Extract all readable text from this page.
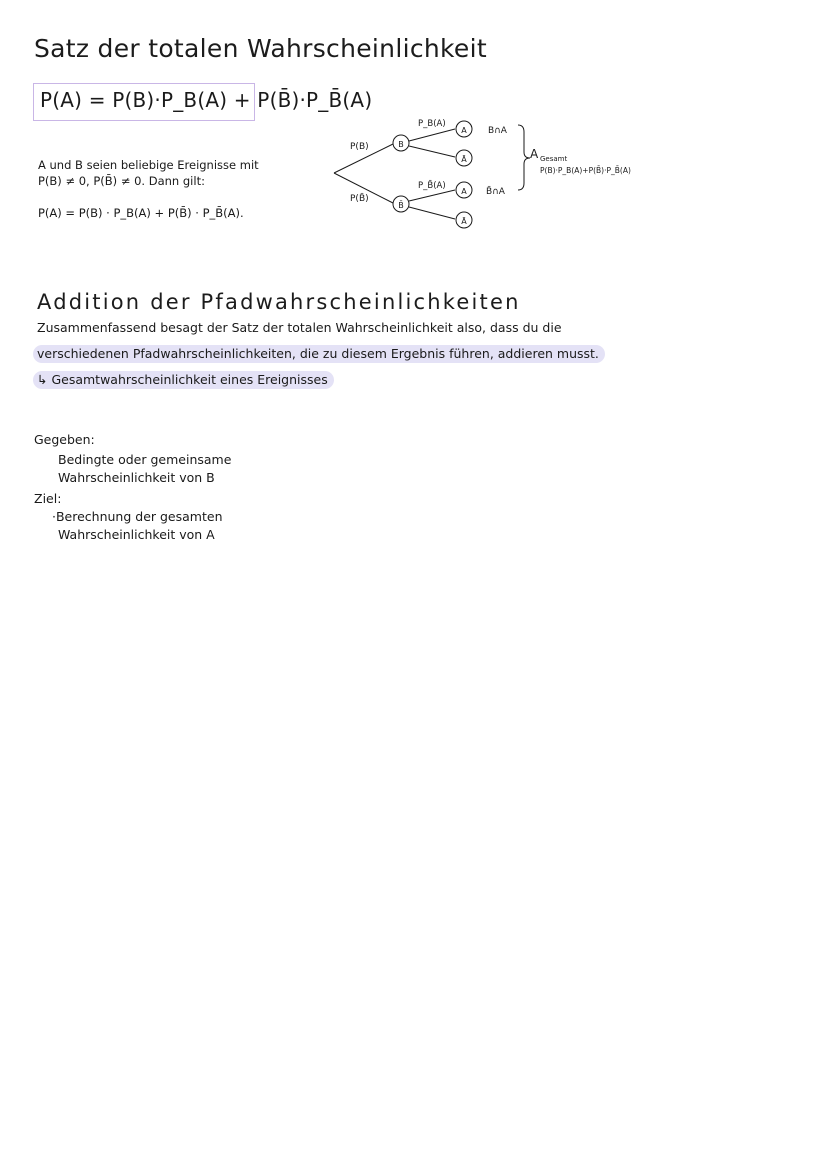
Satz der totalen Wahrscheinlichkeit
P(A) = P(B)·P_B(A) + P(B̄)·P_B̄(A)
A und B seien beliebige Ereignisse mit
P(B) ≠ 0, P(B̄) ≠ 0. Dann gilt:
P(A) = P(B) · P_B(A) + P(B̄) · P_B̄(A).
P(B)
P(B̄)
B
B̄
P_B(A)
P_B̄(A)
A
Ā
A
Ā
B∩A
B̄∩A
A Gesamt
P(B)·P_B(A)+P(B̄)·P_B̄(A)
Addition der Pfadwahrscheinlichkeiten
Zusammenfassend besagt der Satz der totalen Wahrscheinlichkeit also, dass du die
verschiedenen Pfadwahrscheinlichkeiten, die zu diesem Ergebnis führen, addieren musst.
↳ Gesamtwahrscheinlichkeit eines Ereignisses
Gegeben:
Bedingte oder gemeinsame
Wahrscheinlichkeit von B
Ziel:
·Berechnung der gesamten
Wahrscheinlichkeit von A
